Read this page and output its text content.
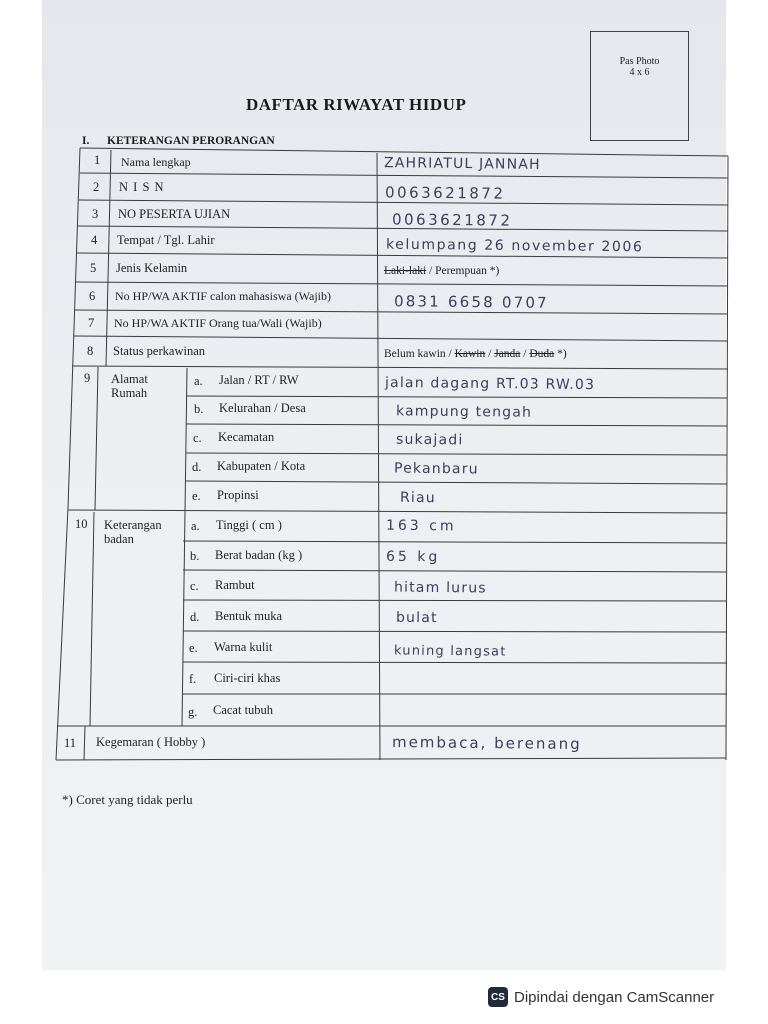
Pas Photo
4 x 6
DAFTAR RIWAYAT HIDUP
I. KETERANGAN PERORANGAN
1 Nama lengkap	ZAHRIATUL JANNAH
2 N I S N	0063621872
3 NO PESERTA UJIAN	0063621872
4 Tempat / Tgl. Lahir	kelumpang 26 november 2006
5 Jenis Kelamin	Laki-laki / Perempuan *)
6 No HP/WA AKTIF calon mahasiswa (Wajib)	0831 6658 0707
7 No HP/WA AKTIF Orang tua/Wali (Wajib)
8 Status perkawinan	Belum kawin / Kawin / Janda / Duda *)
9 Alamat
Rumah
a. Jalan / RT / RW	jalan dagang RT.03 RW.03
b. Kelurahan / Desa	kampung tengah
c. Kecamatan	sukajadi
d. Kabupaten / Kota	Pekanbaru
e. Propinsi	Riau
10 Keterangan
badan
a. Tinggi ( cm )	163 cm
b. Berat badan (kg )	65 kg
c. Rambut	hitam lurus
d. Bentuk muka	bulat
e. Warna kulit	kuning langsat
f. Ciri-ciri khas
g. Cacat tubuh
11 Kegemaran ( Hobby )	membaca, berenang
*) Coret yang tidak perlu
CS Dipindai dengan CamScanner
